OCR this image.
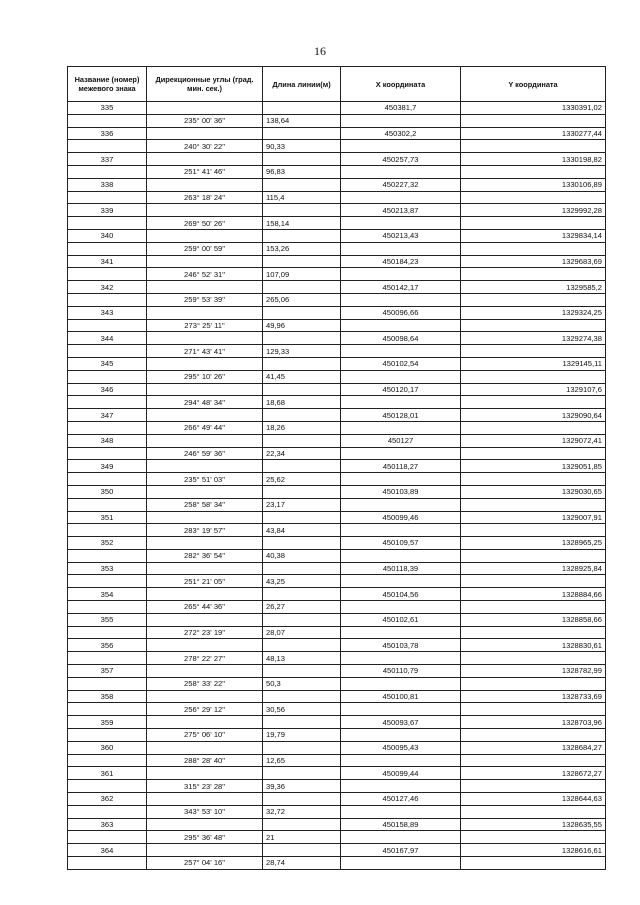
16
Название (номер) межевого знака	Дирекционные углы (град. мин. сек.)	Длина линии(м)	X координата	Y координата
335			450381,7	1330391,02
	235° 00' 36"	138,64		
336			450302,2	1330277,44
	240° 30' 22"	90,33		
337			450257,73	1330198,82
	251° 41' 46"	96,83		
338			450227,32	1330106,89
	263° 18' 24"	115,4		
339			450213,87	1329992,28
	269° 50' 26"	158,14		
340			450213,43	1329834,14
	259° 00' 59"	153,26		
341			450184,23	1329683,69
	246° 52' 31"	107,09		
342			450142,17	1329585,2
	259° 53' 39"	265,06		
343			450096,66	1329324,25
	273° 25' 11"	49,96		
344			450098,64	1329274,38
	271° 43' 41"	129,33		
345			450102,54	1329145,11
	295° 10' 26"	41,45		
346			450120,17	1329107,6
	294° 48' 34"	18,68		
347			450128,01	1329090,64
	266° 49' 44"	18,26		
348			450127	1329072,41
	246° 59' 36"	22,34		
349			450118,27	1329051,85
	235° 51' 03"	25,62		
350			450103,89	1329030,65
	258° 58' 34"	23,17		
351			450099,46	1329007,91
	283° 19' 57"	43,84		
352			450109,57	1328965,25
	282° 36' 54"	40,38		
353			450118,39	1328925,84
	251° 21' 05"	43,25		
354			450104,56	1328884,66
	265° 44' 36"	26,27		
355			450102,61	1328858,66
	272° 23' 19"	28,07		
356			450103,78	1328830,61
	278° 22' 27"	48,13		
357			450110,79	1328782,99
	258° 33' 22"	50,3		
358			450100,81	1328733,69
	256° 29' 12"	30,56		
359			450093,67	1328703,96
	275° 06' 10"	19,79		
360			450095,43	1328684,27
	288° 28' 40"	12,65		
361			450099,44	1328672,27
	315° 23' 28"	39,36		
362			450127,46	1328644,63
	343° 53' 10"	32,72		
363			450158,89	1328635,55
	295° 36' 48"	21		
364			450167,97	1328616,61
	257° 04' 16"	28,74		
